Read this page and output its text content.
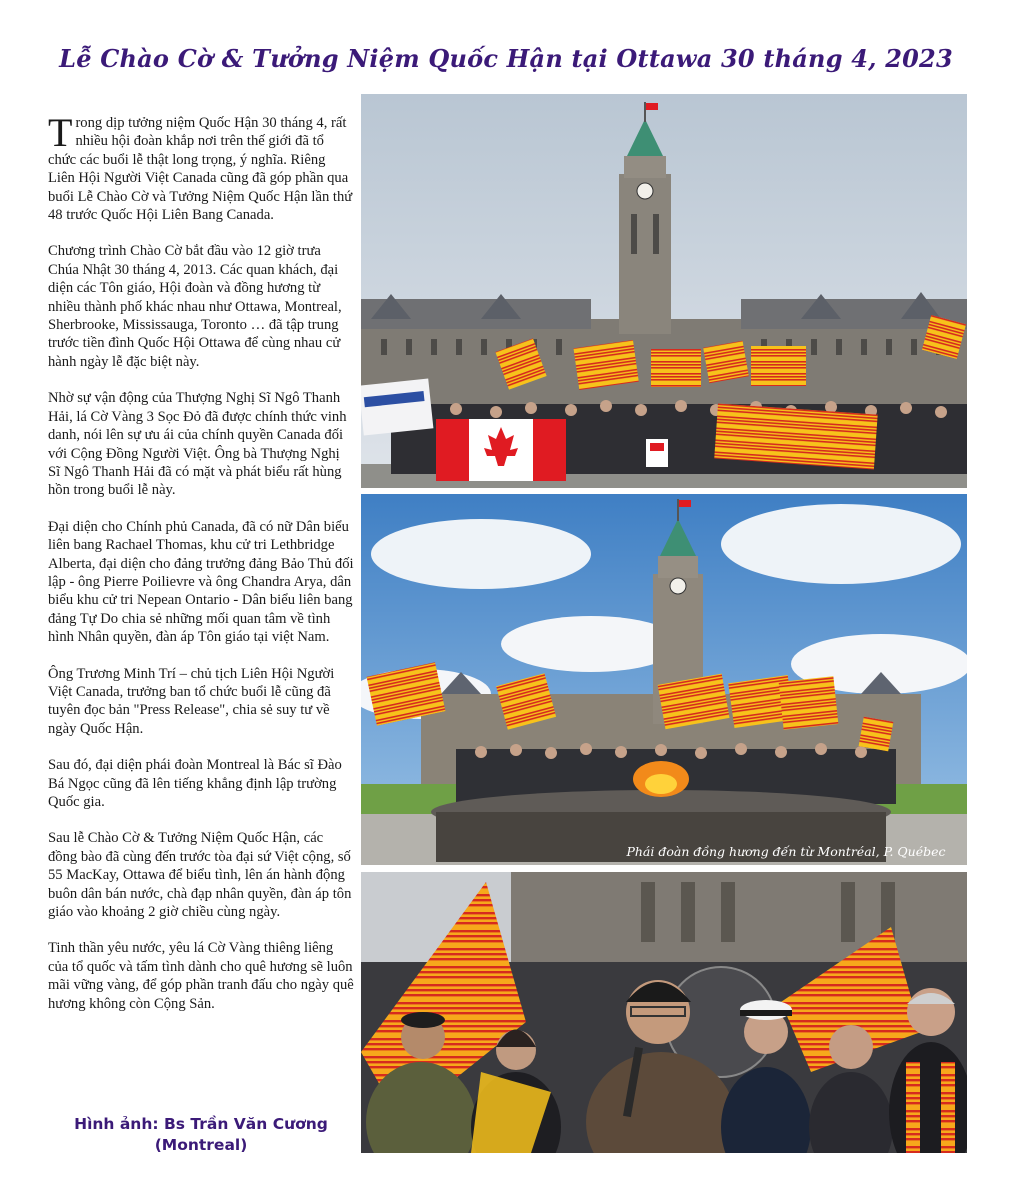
Lễ Chào Cờ & Tưởng Niệm Quốc Hận tại Ottawa 30 tháng 4, 2023

Trong dịp tưởng niệm Quốc Hận 30 tháng 4, rất nhiều hội đoàn khắp nơi trên thế giới đã tổ chức các buổi lễ thật long trọng, ý nghĩa. Riêng Liên Hội Người Việt Canada cũng đã góp phần qua buổi Lễ Chào Cờ và Tưởng Niệm Quốc Hận lần thứ 48 trước Quốc Hội Liên Bang Canada.

Chương trình Chào Cờ bắt đầu vào 12 giờ trưa Chúa Nhật 30 tháng 4, 2013. Các quan khách, đại diện các Tôn giáo, Hội đoàn và đồng hương từ nhiều thành phố khác nhau như Ottawa, Montreal, Sherbrooke, Mississauga, Toronto … đã tập trung trước tiền đình Quốc Hội Ottawa để cùng nhau cử hành ngày lễ đặc biệt này.

Nhờ sự vận động của Thượng Nghị Sĩ Ngô Thanh Hải, lá Cờ Vàng 3 Sọc Đỏ đã được chính thức vinh danh, nói lên sự ưu ái của chính quyền Canada đối với Cộng Đồng Người Việt. Ông bà Thượng Nghị Sĩ Ngô Thanh Hải đã có mặt và phát biểu rất hùng hồn trong buổi lễ này.

Đại diện cho Chính phủ Canada, đã có nữ Dân biểu liên bang Rachael Thomas, khu cử tri Lethbridge Alberta, đại diện cho đảng trưởng đảng Bảo Thủ đối lập - ông Pierre Poilievre và ông Chandra Arya, dân biểu khu cử tri Nepean Ontario - Dân biểu liên bang đảng Tự Do chia sẻ những mối quan tâm về tình hình Nhân quyền, đàn áp Tôn giáo tại việt Nam.

Ông Trương Minh Trí – chủ tịch Liên Hội Người Việt Canada, trưởng ban tổ chức buổi lễ cũng đã tuyên đọc bản "Press Release", chia sẻ suy tư về ngày Quốc Hận.

Sau đó, đại diện phái đoàn Montreal là Bác sĩ Đào Bá Ngọc cũng đã lên tiếng khẳng định lập trường Quốc gia.

Sau lễ Chào Cờ & Tưởng Niệm Quốc Hận, các đồng bào đã cùng đến trước tòa đại sứ Việt cộng, số 55 MacKay, Ottawa để biểu tình, lên án hành động buôn dân bán nước, chà đạp nhân quyền, đàn áp tôn giáo vào khoảng 2 giờ chiều cùng ngày.

Tinh thần yêu nước, yêu lá Cờ Vàng thiêng liêng của tổ quốc và tấm tình dành cho quê hương sẽ luôn mãi vững vàng, để góp phần tranh đấu cho ngày quê hương không còn Cộng Sản.

Hình ảnh: Bs Trần Văn Cương
(Montreal)
Phái đoàn đồng hương đến từ Montréal, P. Québec
